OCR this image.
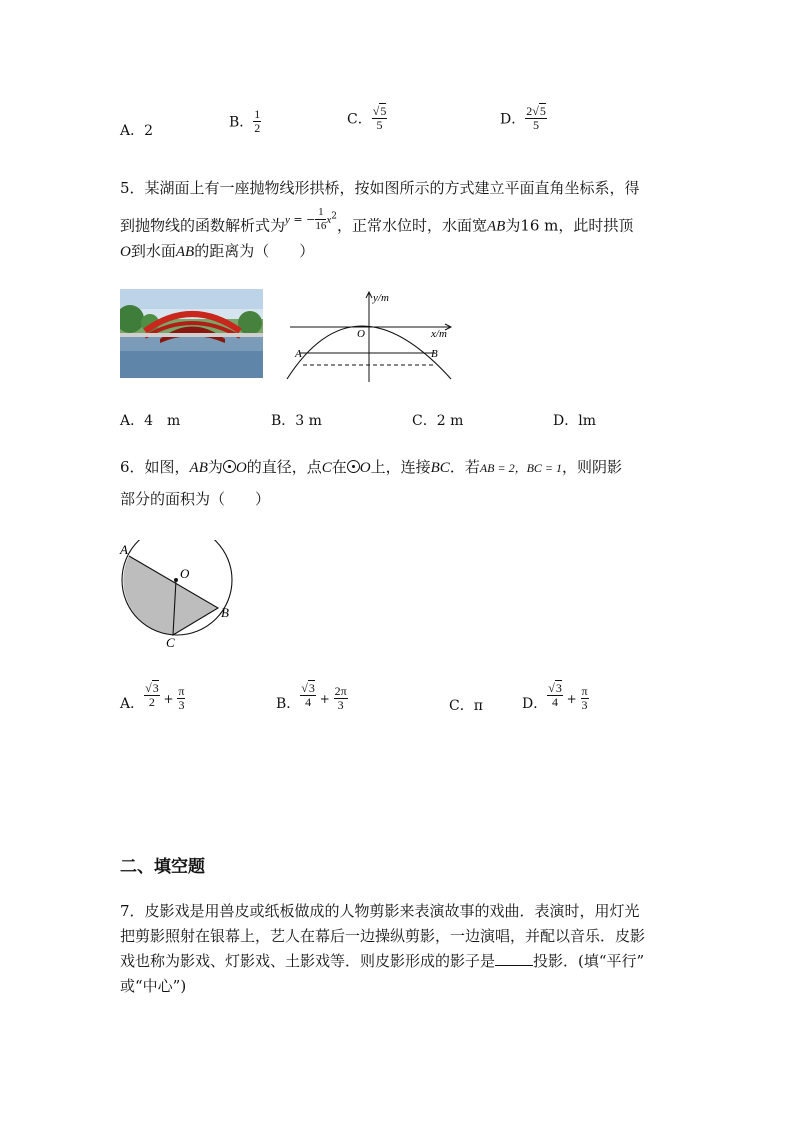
A．2
B． $\frac{1}{2}$	C． $\frac{√5}{5}$	D． $\frac{2√5}{5}$
5．某湖面上有一座抛物线形拱桥，按如图所示的方式建立平面直角坐标系，得
到抛物线的函数解析式为$^{y = - \frac{1}{16} x^2}$，正常水位时，水面宽AB为16 m，此时拱顶
O到水面AB的距离为（　　）
y/m
x/m
O
A	B
A．4　m	B．3 m	C．2 m	D．lm
6．如图，AB为 O的直径，点C在 O上，连接BC．若AB = 2，BC = 1，则阴影
部分的面积为（　　）
A
O
B
C
A． $\frac{√3}{2} + \frac{\pi}{3}$	B． $\frac{√3}{4} + \frac{2\pi}{3}$	C．π	D． $\frac{√3}{4} + \frac{\pi}{3}$
二、填空题
7．皮影戏是用兽皮或纸板做成的人物剪影来表演故事的戏曲．表演时，用灯光
把剪影照射在银幕上，艺人在幕后一边操纵剪影，一边演唱，并配以音乐．皮影
戏也称为影戏、灯影戏、土影戏等．则皮影形成的影子是	投影．(填“平行”
或“中心”)
